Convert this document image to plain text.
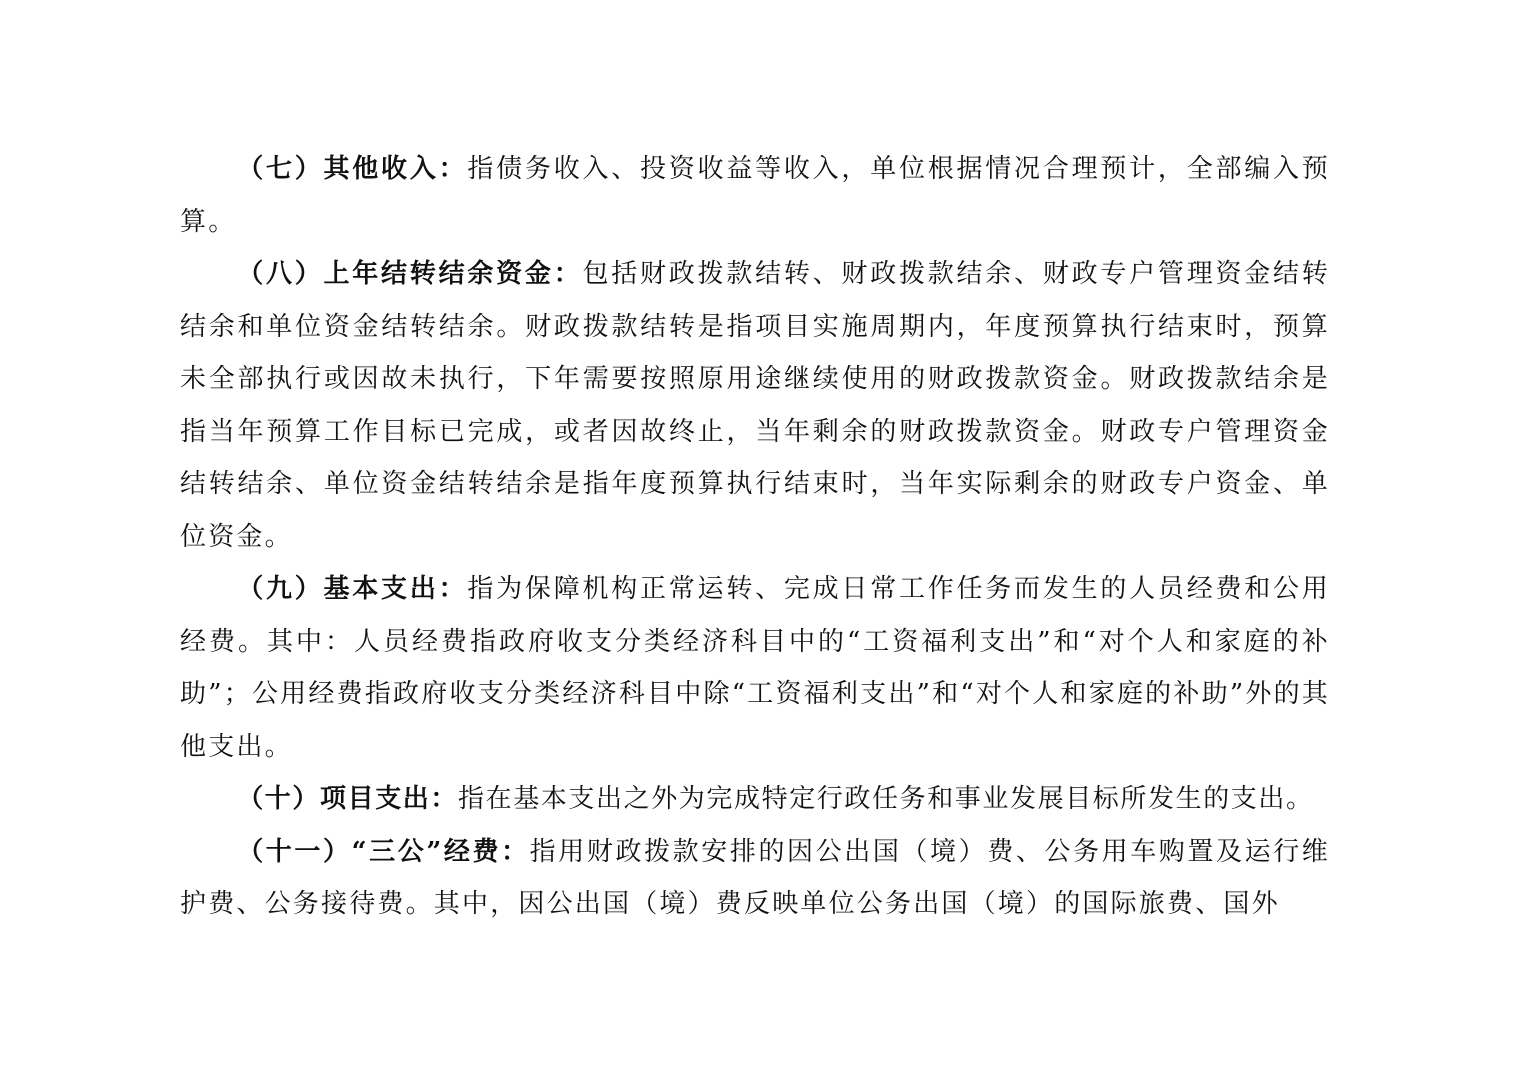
（七）其他收入：指债务收入、投资收益等收入，单位根据情况合理预计，全部编入预算。

（八）上年结转结余资金：包括财政拨款结转、财政拨款结余、财政专户管理资金结转结余和单位资金结转结余。财政拨款结转是指项目实施周期内，年度预算执行结束时，预算未全部执行或因故未执行，下年需要按照原用途继续使用的财政拨款资金。财政拨款结余是指当年预算工作目标已完成，或者因故终止，当年剩余的财政拨款资金。财政专户管理资金结转结余、单位资金结转结余是指年度预算执行结束时，当年实际剩余的财政专户资金、单位资金。

（九）基本支出：指为保障机构正常运转、完成日常工作任务而发生的人员经费和公用经费。其中：人员经费指政府收支分类经济科目中的“工资福利支出”和“对个人和家庭的补助”；公用经费指政府收支分类经济科目中除“工资福利支出”和“对个人和家庭的补助”外的其他支出。

（十）项目支出：指在基本支出之外为完成特定行政任务和事业发展目标所发生的支出。

（十一）“三公”经费：指用财政拨款安排的因公出国（境）费、公务用车购置及运行维护费、公务接待费。其中，因公出国（境）费反映单位公务出国（境）的国际旅费、国外
